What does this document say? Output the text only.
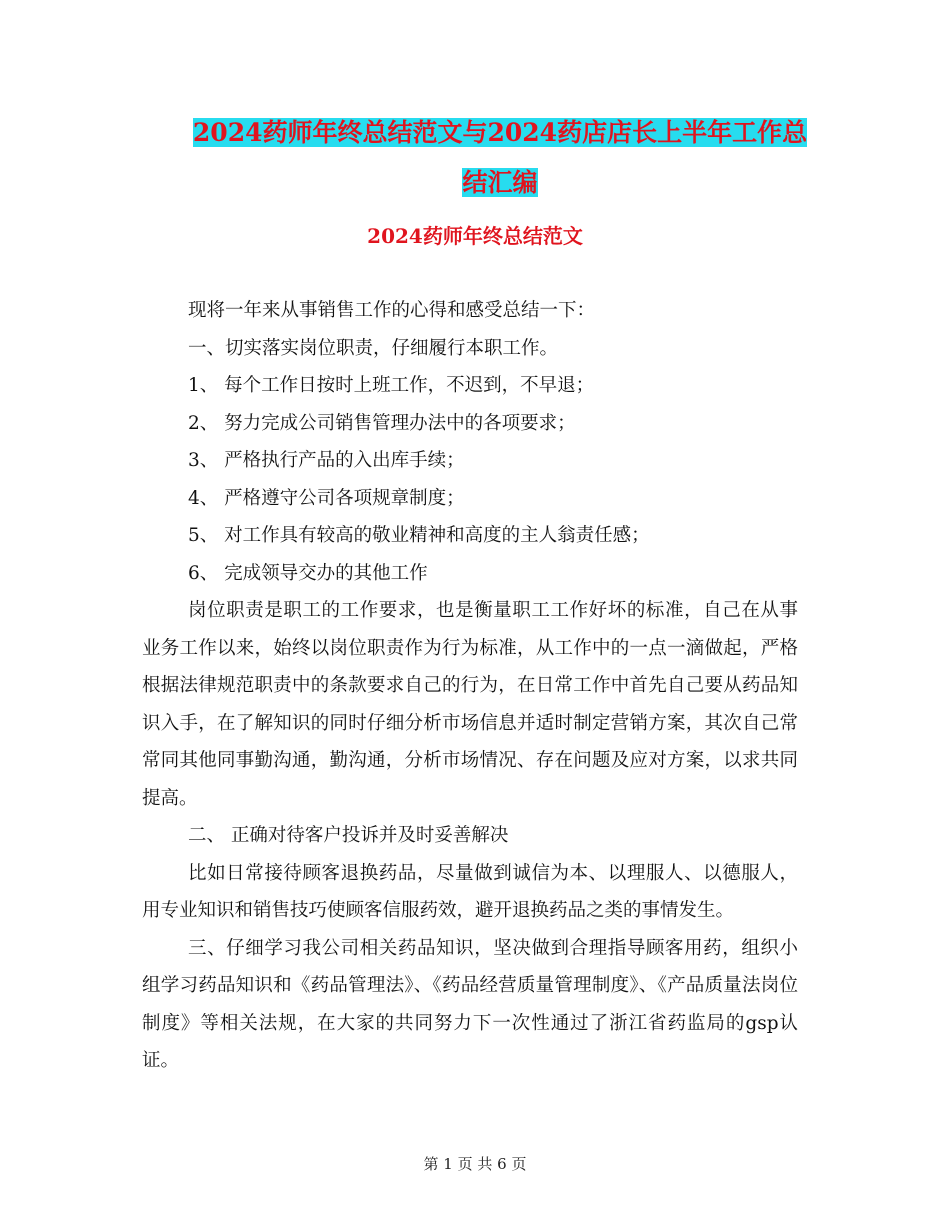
2024药师年终总结范文与2024药店店长上半年工作总
结汇编
2024药师年终总结范文

现将一年来从事销售工作的心得和感受总结一下：

一、切实落实岗位职责，仔细履行本职工作。

1、 每个工作日按时上班工作，不迟到，不早退；

2、 努力完成公司销售管理办法中的各项要求；

3、 严格执行产品的入出库手续；

4、 严格遵守公司各项规章制度；

5、 对工作具有较高的敬业精神和高度的主人翁责任感；

6、 完成领导交办的其他工作

岗位职责是职工的工作要求，也是衡量职工工作好坏的标准，自己在从事业务工作以来，始终以岗位职责作为行为标准，从工作中的一点一滴做起，严格根据法律规范职责中的条款要求自己的行为，在日常工作中首先自己要从药品知识入手，在了解知识的同时仔细分析市场信息并适时制定营销方案，其次自己常常同其他同事勤沟通，勤沟通，分析市场情况、存在问题及应对方案，以求共同提高。

二、 正确对待客户投诉并及时妥善解决

比如日常接待顾客退换药品，尽量做到诚信为本、以理服人、以德服人，用专业知识和销售技巧使顾客信服药效，避开退换药品之类的事情发生。

三、仔细学习我公司相关药品知识，坚决做到合理指导顾客用药，组织小组学习药品知识和《药品管理法》、《药品经营质量管理制度》、《产品质量法岗位制度》等相关法规，在大家的共同努力下一次性通过了浙江省药监局的gsp认证。

第 1 页 共 6 页
